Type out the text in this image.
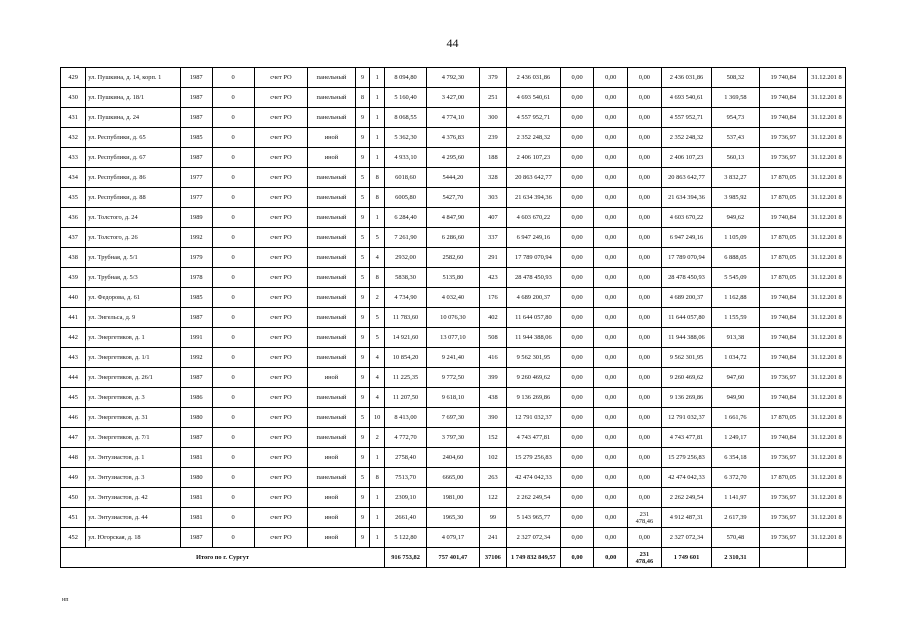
44
429	ул. Пушкина, д. 14, корп. 1	1987	0	счет РО	панельный	9	1	8 094,80	4 792,30	379	2 436 031,86	0,00	0,00	0,00	2 436 031,86	508,32	19 740,84	31.12.201 8
430	ул. Пушкина, д. 18/1	1987	0	счет РО	панельный	8	1	5 160,40	3 427,00	251	4 693 540,61	0,00	0,00	0,00	4 693 540,61	1 369,58	19 740,84	31.12.201 8
431	ул. Пушкина, д. 24	1987	0	счет РО	панельный	9	1	8 068,55	4 774,10	300	4 557 952,71	0,00	0,00	0,00	4 557 952,71	954,73	19 740,84	31.12.201 8
432	ул. Республики, д. 65	1985	0	счет РО	иной	9	1	5 362,30	4 376,83	239	2 352 248,32	0,00	0,00	0,00	2 352 248,32	537,43	19 736,97	31.12.201 8
433	ул. Республики, д. 67	1987	0	счет РО	иной	9	1	4 933,10	4 295,60	188	2 406 107,23	0,00	0,00	0,00	2 406 107,23	560,13	19 736,97	31.12.201 8
434	ул. Республики, д. 86	1977	0	счет РО	панельный	5	8	6018,60	5444,20	328	20 863 642,77	0,00	0,00	0,00	20 863 642,77	3 832,27	17 870,05	31.12.201 8
435	ул. Республики, д. 88	1977	0	счет РО	панельный	5	8	6005,80	5427,70	303	21 634 394,36	0,00	0,00	0,00	21 634 394,36	3 985,92	17 870,05	31.12.201 8
436	ул. Толстого, д. 24	1989	0	счет РО	панельный	9	1	6 284,40	4 847,90	407	4 603 670,22	0,00	0,00	0,00	4 603 670,22	949,62	19 740,84	31.12.201 8
437	ул. Толстого, д. 26	1992	0	счет РО	панельный	5	5	7 261,90	6 286,60	337	6 947 249,16	0,00	0,00	0,00	6 947 249,16	1 105,09	17 870,05	31.12.201 8
438	ул. Трубная, д. 5/1	1979	0	счет РО	панельный	5	4	2932,00	2582,60	291	17 789 070,94	0,00	0,00	0,00	17 789 070,94	6 888,05	17 870,05	31.12.201 8
439	ул. Трубная, д. 5/3	1978	0	счет РО	панельный	5	8	5838,30	5135,80	423	28 478 450,93	0,00	0,00	0,00	28 478 450,93	5 545,09	17 870,05	31.12.201 8
440	ул. Федорова, д. 61	1985	0	счет РО	панельный	9	2	4 734,90	4 032,40	176	4 689 200,37	0,00	0,00	0,00	4 689 200,37	1 162,88	19 740,84	31.12.201 8
441	ул. Энгельса, д. 9	1987	0	счет РО	панельный	9	5	11 783,60	10 076,30	402	11 644 057,80	0,00	0,00	0,00	11 644 057,80	1 155,59	19 740,84	31.12.201 8
442	ул. Энергетиков, д. 1	1991	0	счет РО	панельный	9	5	14 921,60	13 077,10	508	11 944 388,06	0,00	0,00	0,00	11 944 388,06	913,38	19 740,84	31.12.201 8
443	ул. Энергетиков, д. 1/1	1992	0	счет РО	панельный	9	4	10 854,20	9 241,40	416	9 562 301,95	0,00	0,00	0,00	9 562 301,95	1 034,72	19 740,84	31.12.201 8
444	ул. Энергетиков, д. 26/1	1987	0	счет РО	иной	9	4	11 225,35	9 772,50	399	9 260 469,62	0,00	0,00	0,00	9 260 469,62	947,60	19 736,97	31.12.201 8
445	ул. Энергетиков, д. 3	1986	0	счет РО	панельный	9	4	11 207,50	9 618,10	438	9 136 269,86	0,00	0,00	0,00	9 136 269,86	949,90	19 740,84	31.12.201 8
446	ул. Энергетиков, д. 31	1980	0	счет РО	панельный	5	10	8 413,00	7 697,30	390	12 791 032,37	0,00	0,00	0,00	12 791 032,37	1 661,76	17 870,05	31.12.201 8
447	ул. Энергетиков, д. 7/1	1987	0	счет РО	панельный	9	2	4 772,70	3 797,30	152	4 743 477,81	0,00	0,00	0,00	4 743 477,81	1 249,17	19 740,84	31.12.201 8
448	ул. Энтузиастов, д. 1	1981	0	счет РО	иной	9	1	2758,40	2404,60	102	15 279 256,83	0,00	0,00	0,00	15 279 256,83	6 354,18	19 736,97	31.12.201 8
449	ул. Энтузиастов, д. 3	1980	0	счет РО	панельный	5	8	7513,70	6665,00	263	42 474 042,33	0,00	0,00	0,00	42 474 042,33	6 372,70	17 870,05	31.12.201 8
450	ул. Энтузиастов, д. 42	1981	0	счет РО	иной	9	1	2309,10	1981,00	122	2 262 249,54	0,00	0,00	0,00	2 262 249,54	1 141,97	19 736,97	31.12.201 8
451	ул. Энтузиастов, д. 44	1981	0	счет РО	иной	9	1	2661,40	1965,30	99	5 143 965,77	0,00	0,00	231 478,46	4 912 487,31	2 617,39	19 736,97	31.12.201 8
452	ул. Югорская, д. 18	1987	0	счет РО	иной	9	1	5 122,80	4 079,17	241	2 327 072,34	0,00	0,00	0,00	2 327 072,34	570,48	19 736,97	31.12.201 8
Итого по г. Сургут								916 753,82	757 401,47	37106	1 749 832 849,57	0,00	0,00	231 478,46	1 749 601	2 310,31		
нп
